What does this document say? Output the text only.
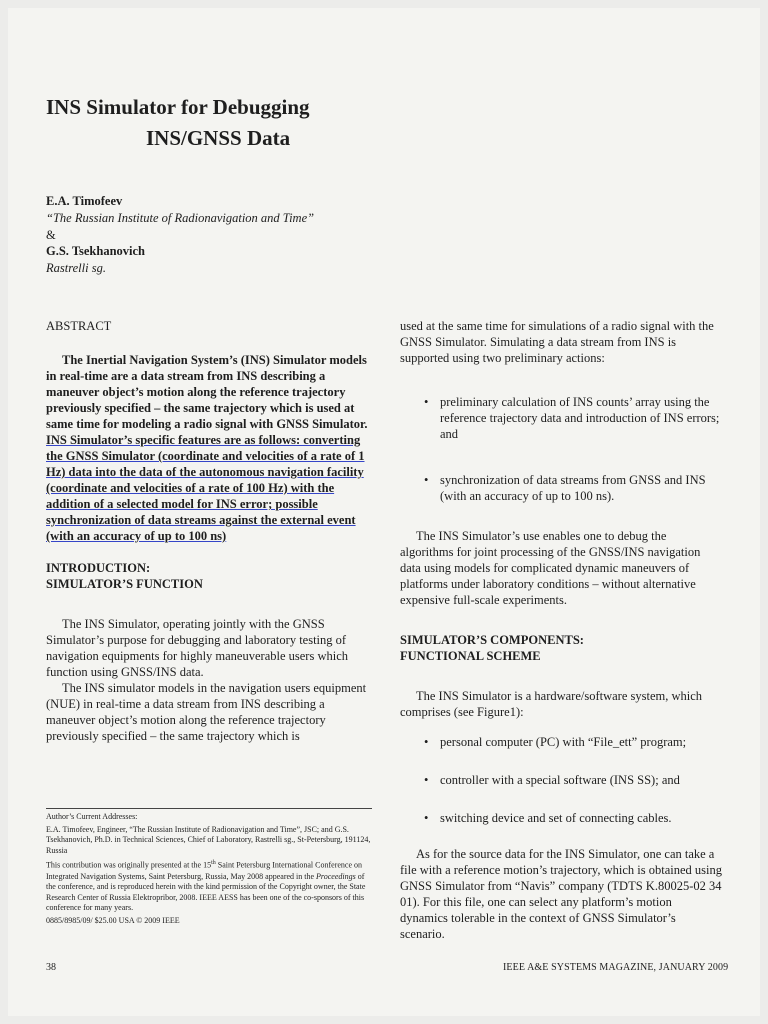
INS Simulator for Debugging
INS/GNSS Data
E.A. Timofeev
“The Russian Institute of Radionavigation and Time”
&
G.S. Tsekhanovich
Rastrelli sg.

ABSTRACT

The Inertial Navigation System’s (INS) Simulator models in real-time are a data stream from INS describing a maneuver object’s motion along the reference trajectory previously specified – the same trajectory which is used at same time for modeling a radio signal with GNSS Simulator. INS Simulator’s specific features are as follows: converting the GNSS Simulator (coordinate and velocities of a rate of 1 Hz) data into the data of the autonomous navigation facility (coordinate and velocities of a rate of 100 Hz) with the addition of a selected model for INS error; possible synchronization of data streams against the external event (with an accuracy of up to 100 ns)

INTRODUCTION:
SIMULATOR’S FUNCTION

The INS Simulator, operating jointly with the GNSS Simulator’s purpose for debugging and laboratory testing of navigation equipments for highly maneuverable users which function using GNSS/INS data.

The INS simulator models in the navigation users equipment (NUE) in real-time a data stream from INS describing a maneuver object’s motion along the reference trajectory previously specified – the same trajectory which is

Author’s Current Addresses:
E.A. Timofeev, Engineer, “The Russian Institute of Radionavigation and Time”, JSC; and G.S. Tsekhanovich, Ph.D. in Technical Sciences, Chief of Laboratory, Rastrelli sg., St-Petersburg, 191124, Russia
This contribution was originally presented at the 15th Saint Petersburg International Conference on Integrated Navigation Systems, Saint Petersburg, Russia, May 2008 appeared in the Proceedings of the conference, and is reproduced herein with the kind permission of the Copyright owner, the State Research Center of Russia Elektropribor, 2008. IEEE AESS has been one of the co-sponsors of this conference for many years.
0885/8985/09/ $25.00 USA © 2009 IEEE

used at the same time for simulations of a radio signal with the GNSS Simulator. Simulating a data stream from INS is supported using two preliminary actions:

• preliminary calculation of INS counts’ array using the reference trajectory data and introduction of INS errors; and
• synchronization of data streams from GNSS and INS (with an accuracy of up to 100 ns).

The INS Simulator’s use enables one to debug the algorithms for joint processing of the GNSS/INS navigation data using models for complicated dynamic maneuvers of platforms under laboratory conditions – without alternative expensive full-scale experiments.

SIMULATOR’S COMPONENTS:
FUNCTIONAL SCHEME

The INS Simulator is a hardware/software system, which comprises (see Figure1):

• personal computer (PC) with “File_ett” program;
• controller with a special software (INS SS); and
• switching device and set of connecting cables.

As for the source data for the INS Simulator, one can take a file with a reference motion’s trajectory, which is obtained using GNSS Simulator from “Navis” company (TDTS K.80025-02 34 01). For this file, one can select any platform’s motion dynamics tolerable in the context of GNSS Simulator’s scenario.

38	IEEE A&E SYSTEMS MAGAZINE, JANUARY 2009
